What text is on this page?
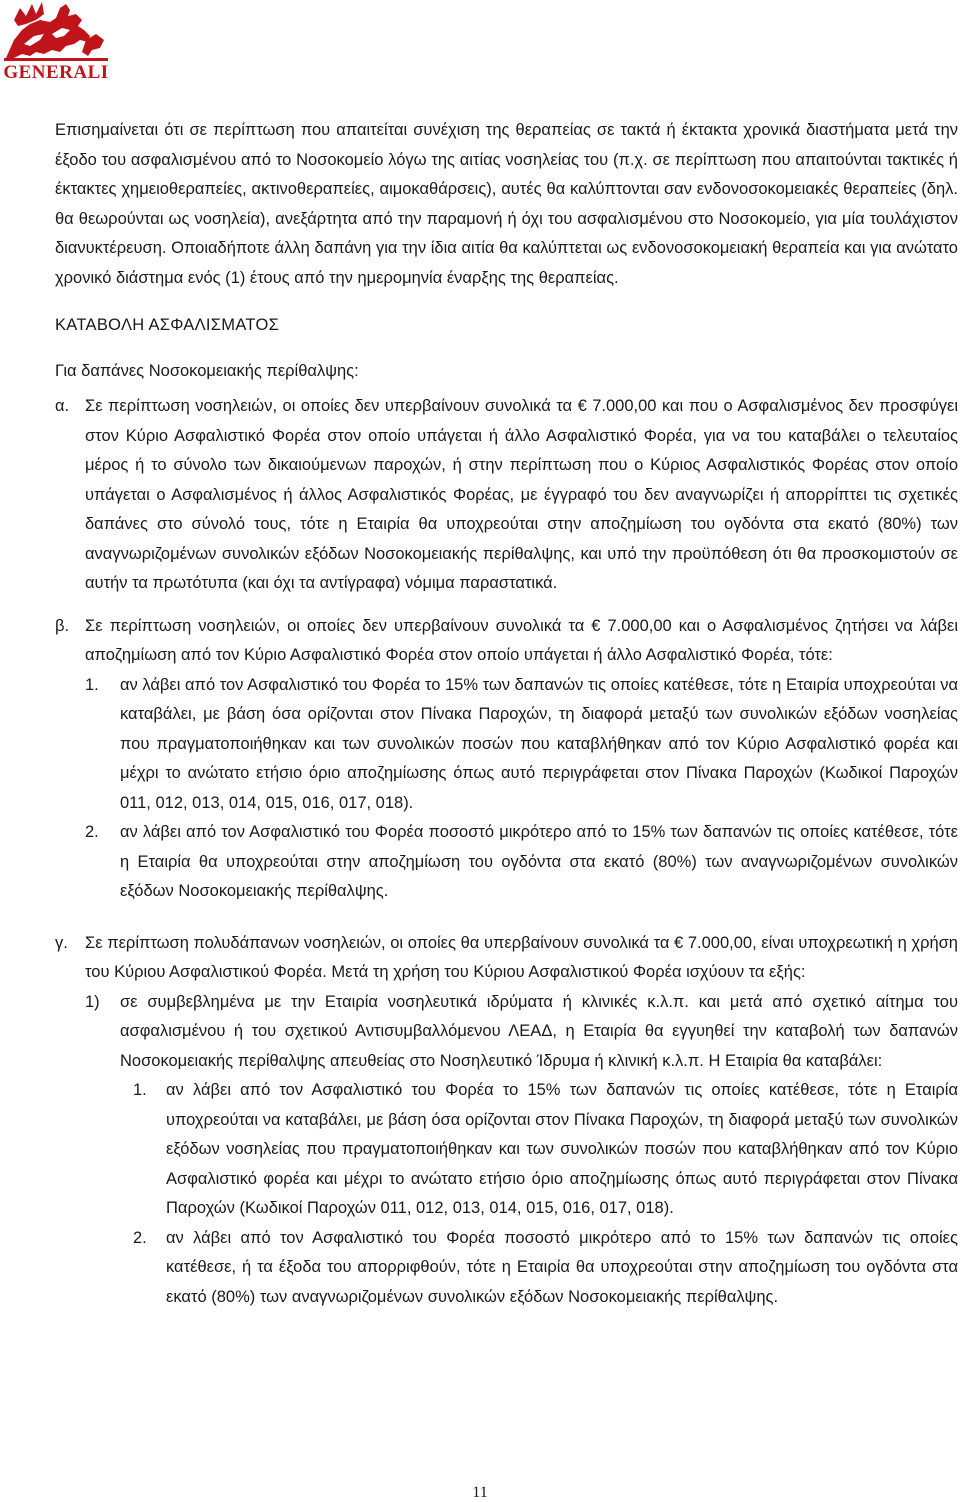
GENERALI

Επισημαίνεται ότι σε περίπτωση που απαιτείται συνέχιση της θεραπείας σε τακτά ή έκτακτα χρονικά διαστήματα μετά την έξοδο του ασφαλισμένου από το Νοσοκομείο λόγω της αιτίας νοσηλείας του (π.χ. σε περίπτωση που απαιτούνται τακτικές ή έκτακτες χημειοθεραπείες, ακτινοθεραπείες, αιμοκαθάρσεις), αυτές θα καλύπτονται σαν ενδονοσοκομειακές θεραπείες (δηλ. θα θεωρούνται ως νοσηλεία), ανεξάρτητα από την παραμονή ή όχι του ασφαλισμένου στο Νοσοκομείο, για μία τουλάχιστον διανυκτέρευση. Οποιαδήποτε άλλη δαπάνη για την ίδια αιτία θα καλύπτεται ως ενδονοσοκομειακή θεραπεία και για ανώτατο χρονικό διάστημα ενός (1) έτους από την ημερομηνία έναρξης της θεραπείας.

ΚΑΤΑΒΟΛΗ ΑΣΦΑΛΙΣΜΑΤΟΣ

Για δαπάνες Νοσοκομειακής περίθαλψης:

α. Σε περίπτωση νοσηλειών, οι οποίες δεν υπερβαίνουν συνολικά τα € 7.000,00 και που ο Ασφαλισμένος δεν προσφύγει στον Κύριο Ασφαλιστικό Φορέα στον οποίο υπάγεται ή άλλο Ασφαλιστικό Φορέα, για να του καταβάλει ο τελευταίος μέρος ή το σύνολο των δικαιούμενων παροχών, ή στην περίπτωση που ο Κύριος Ασφαλιστικός Φορέας στον οποίο υπάγεται ο Ασφαλισμένος ή άλλος Ασφαλιστικός Φορέας, με έγγραφό του δεν αναγνωρίζει ή απορρίπτει τις σχετικές δαπάνες στο σύνολό τους, τότε η Εταιρία θα υποχρεούται στην αποζημίωση του ογδόντα στα εκατό (80%) των αναγνωριζομένων συνολικών εξόδων Νοσοκομειακής περίθαλψης, και υπό την προϋπόθεση ότι θα προσκομιστούν σε αυτήν τα πρωτότυπα (και όχι τα αντίγραφα) νόμιμα παραστατικά.

β. Σε περίπτωση νοσηλειών, οι οποίες δεν υπερβαίνουν συνολικά τα € 7.000,00 και ο Ασφαλισμένος ζητήσει να λάβει αποζημίωση από τον Κύριο Ασφαλιστικό Φορέα στον οποίο υπάγεται ή άλλο Ασφαλιστικό Φορέα, τότε:

1.	αν λάβει από τον Ασφαλιστικό του Φορέα το 15% των δαπανών τις οποίες κατέθεσε, τότε η Εταιρία υποχρεούται να καταβάλει, με βάση όσα ορίζονται στον Πίνακα Παροχών, τη διαφορά μεταξύ των συνολικών εξόδων νοσηλείας που πραγματοποιήθηκαν και των συνολικών ποσών που καταβλήθηκαν από τον Κύριο Ασφαλιστικό φορέα και μέχρι το ανώτατο ετήσιο όριο αποζημίωσης όπως αυτό περιγράφεται στον Πίνακα Παροχών (Κωδικοί Παροχών 011, 012, 013, 014, 015, 016, 017, 018).

2.	αν λάβει από τον Ασφαλιστικό του Φορέα ποσοστό μικρότερο από το 15% των δαπανών τις οποίες κατέθεσε, τότε η Εταιρία θα υποχρεούται στην αποζημίωση του ογδόντα στα εκατό (80%) των αναγνωριζομένων συνολικών εξόδων Νοσοκομειακής περίθαλψης.

γ.	Σε περίπτωση πολυδάπανων νοσηλειών, οι οποίες θα υπερβαίνουν συνολικά τα € 7.000,00, είναι υποχρεωτική η χρήση του Κύριου Ασφαλιστικού Φορέα. Μετά τη χρήση του Κύριου Ασφαλιστικού Φορέα ισχύουν τα εξής:

1)	σε συμβεβλημένα με την Εταιρία νοσηλευτικά ιδρύματα ή κλινικές κ.λ.π. και μετά από σχετικό αίτημα του ασφαλισμένου ή του σχετικού Αντισυμβαλλόμενου ΛΕΑΔ, η Εταιρία θα εγγυηθεί την καταβολή των δαπανών Νοσοκομειακής περίθαλψης απευθείας στο Νοσηλευτικό Ίδρυμα ή κλινική κ.λ.π. Η Εταιρία θα καταβάλει:

1.	αν λάβει από τον Ασφαλιστικό του Φορέα το 15% των δαπανών τις οποίες κατέθεσε, τότε η Εταιρία υποχρεούται να καταβάλει, με βάση όσα ορίζονται στον Πίνακα Παροχών, τη διαφορά μεταξύ των συνολικών εξόδων νοσηλείας που πραγματοποιήθηκαν και των συνολικών ποσών που καταβλήθηκαν από τον Κύριο Ασφαλιστικό φορέα και μέχρι το ανώτατο ετήσιο όριο αποζημίωσης όπως αυτό περιγράφεται στον Πίνακα Παροχών (Κωδικοί Παροχών 011, 012, 013, 014, 015, 016, 017, 018).

2.	αν λάβει από τον Ασφαλιστικό του Φορέα ποσοστό μικρότερο από το 15% των δαπανών τις οποίες κατέθεσε, ή τα έξοδα του απορριφθούν, τότε η Εταιρία θα υποχρεούται στην αποζημίωση του ογδόντα στα εκατό (80%) των αναγνωριζομένων συνολικών εξόδων Νοσοκομειακής περίθαλψης.

11
